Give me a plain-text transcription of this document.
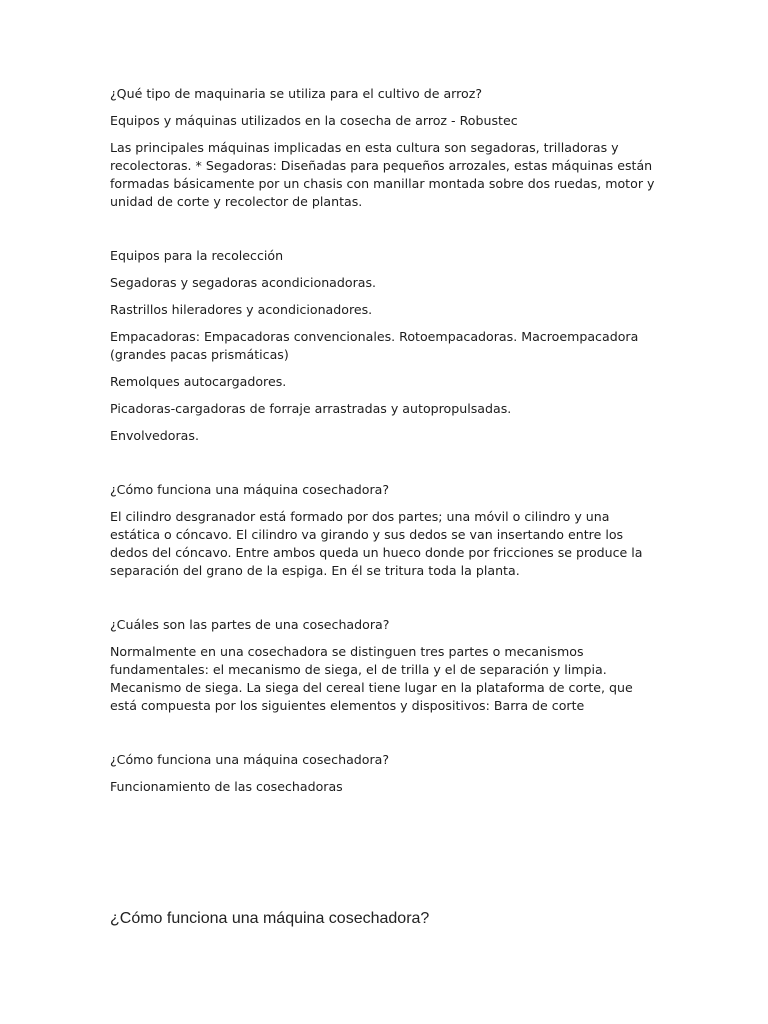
¿Qué tipo de maquinaria se utiliza para el cultivo de arroz?

Equipos y máquinas utilizados en la cosecha de arroz - Robustec

Las principales máquinas implicadas en esta cultura son segadoras, trilladoras y recolectoras. * Segadoras: Diseñadas para pequeños arrozales, estas máquinas están formadas básicamente por un chasis con manillar montada sobre dos ruedas, motor y unidad de corte y recolector de plantas.

Equipos para la recolección

Segadoras y segadoras acondicionadoras.

Rastrillos hileradores y acondicionadores.

Empacadoras: Empacadoras convencionales. Rotoempacadoras. Macroempacadora (grandes pacas prismáticas)

Remolques autocargadores.

Picadoras-cargadoras de forraje arrastradas y autopropulsadas.

Envolvedoras.

¿Cómo funciona una máquina cosechadora?

El cilindro desgranador está formado por dos partes; una móvil o cilindro y una estática o cóncavo. El cilindro va girando y sus dedos se van insertando entre los dedos del cóncavo. Entre ambos queda un hueco donde por fricciones se produce la separación del grano de la espiga. En él se tritura toda la planta.

¿Cuáles son las partes de una cosechadora?

Normalmente en una cosechadora se distinguen tres partes o mecanismos fundamentales: el mecanismo de siega, el de trilla y el de separación y limpia. Mecanismo de siega. La siega del cereal tiene lugar en la plataforma de corte, que está compuesta por los siguientes elementos y dispositivos: Barra de corte

¿Cómo funciona una máquina cosechadora?

Funcionamiento de las cosechadoras

¿Cómo funciona una máquina cosechadora?
